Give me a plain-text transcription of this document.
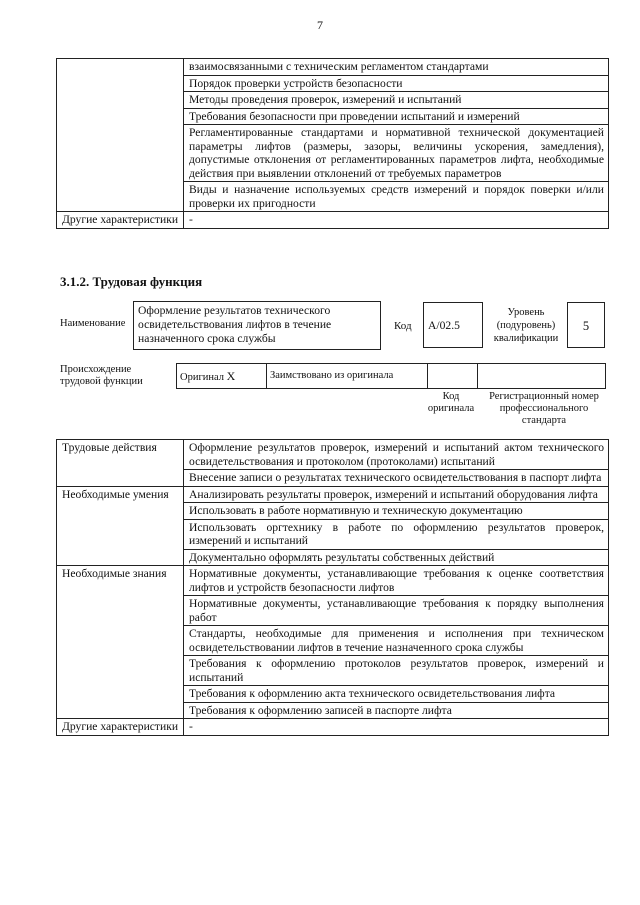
7
	взаимосвязанными с техническим регламентом стандартами
	Порядок проверки устройств безопасности
	Методы проведения проверок, измерений и испытаний
	Требования безопасности при проведении испытаний и измерений
	Регламентированные стандартами и нормативной технической документацией параметры лифтов (размеры, зазоры, величины ускорения, замедления), допустимые отклонения от регламентированных параметров лифта, необходимые действия при выявлении отклонений от требуемых параметров
	Виды и назначение используемых средств измерений и порядок поверки и/или проверки их пригодности
Другие характеристики	-
3.1.2. Трудовая функция
Наименование
Оформление результатов технического освидетельствования лифтов в течение назначенного срока службы
Код	A/02.5
Уровень (подуровень) квалификации
5
Происхождение трудовой функции	Оригинал X	Заимствовано из оригинала
Код оригинала
Регистрационный номер профессионального стандарта
Трудовые действия	Оформление результатов проверок, измерений и испытаний актом технического освидетельствования и протоколом (протоколами) испытаний
	Внесение записи о результатах технического освидетельствования в паспорт лифта
Необходимые умения	Анализировать результаты проверок, измерений и испытаний оборудования лифта
	Использовать в работе нормативную и техническую документацию
	Использовать оргтехнику в работе по оформлению результатов проверок, измерений и испытаний
	Документально оформлять результаты собственных действий
Необходимые знания	Нормативные документы, устанавливающие требования к оценке соответствия лифтов и устройств безопасности лифтов
	Нормативные документы, устанавливающие требования к порядку выполнения работ
	Стандарты, необходимые для применения и исполнения при техническом освидетельствовании лифтов в течение назначенного срока службы
	Требования к оформлению протоколов результатов проверок, измерений и испытаний
	Требования к оформлению акта технического освидетельствования лифта
	Требования к оформлению записей в паспорте лифта
Другие характеристики	-
